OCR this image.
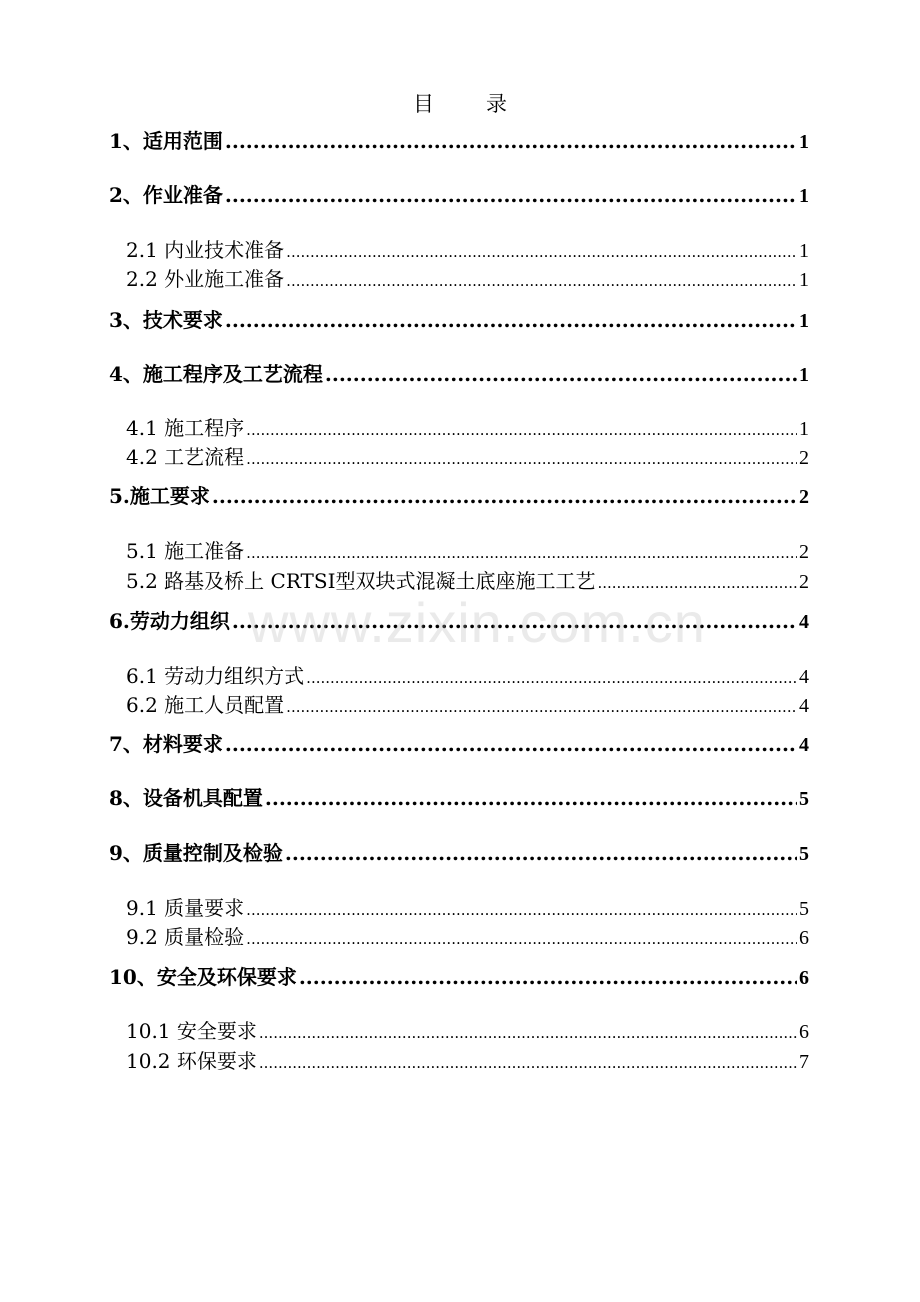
目 录
1、适用范围 .....	1
2、作业准备 .....	1
2.1 内业技术准备 .....	1
2.2 外业施工准备 .....	1
3、技术要求 .....	1
4、施工程序及工艺流程 .....	1
4.1 施工程序 .....	1
4.2 工艺流程 .....	2
5.施工要求 .....	2
5.1 施工准备 .....	2
5.2 路基及桥上 CRTSⅠ型双块式混凝土底座施工工艺 .....	2
6.劳动力组织 .....	4
6.1 劳动力组织方式 .....	4
6.2 施工人员配置 .....	4
7、材料要求 .....	4
8、设备机具配置 .....	5
9、质量控制及检验 .....	5
9.1 质量要求 .....	5
9.2 质量检验 .....	6
10、安全及环保要求 .....	6
10.1 安全要求 .....	6
10.2 环保要求 .....	7
www.zixin.com.cn
